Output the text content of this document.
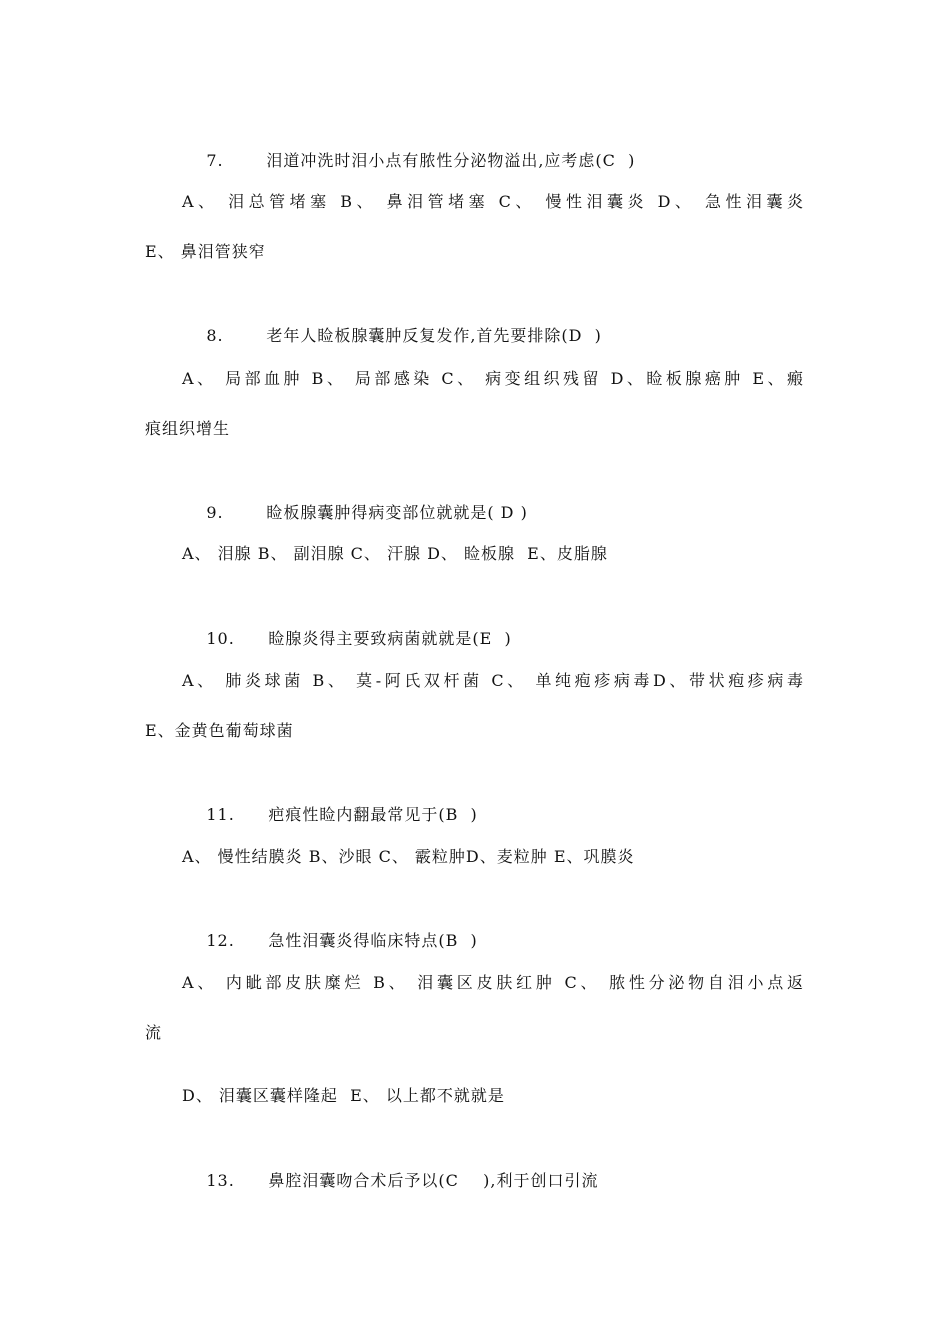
7.	泪道冲洗时泪小点有脓性分泌物溢出,应考虑(C  )

A、 泪总管堵塞 B、 鼻泪管堵塞 C、 慢性泪囊炎 D、 急性泪囊炎
E、 鼻泪管狭窄

8.	老年人睑板腺囊肿反复发作,首先要排除(D  )

A、 局部血肿 B、 局部感染 C、 病变组织残留 D、睑板腺癌肿 E、瘢
痕组织增生

9.	睑板腺囊肿得病变部位就就是( D )

A、 泪腺 B、 副泪腺 C、 汗腺 D、 睑板腺  E、皮脂腺

10. 睑腺炎得主要致病菌就就是(E  )

A、 肺炎球菌 B、 莫-阿氏双杆菌 C、 单纯疱疹病毒D、带状疱疹病毒
E、金黄色葡萄球菌

11. 疤痕性睑内翻最常见于(B  )

A、 慢性结膜炎 B、沙眼 C、 霰粒肿D、麦粒肿 E、巩膜炎

12. 急性泪囊炎得临床特点(B  )

A、 内眦部皮肤糜烂 B、 泪囊区皮肤红肿 C、 脓性分泌物自泪小点返
流
D、 泪囊区囊样隆起  E、 以上都不就就是

13. 鼻腔泪囊吻合术后予以(C    ),利于创口引流
